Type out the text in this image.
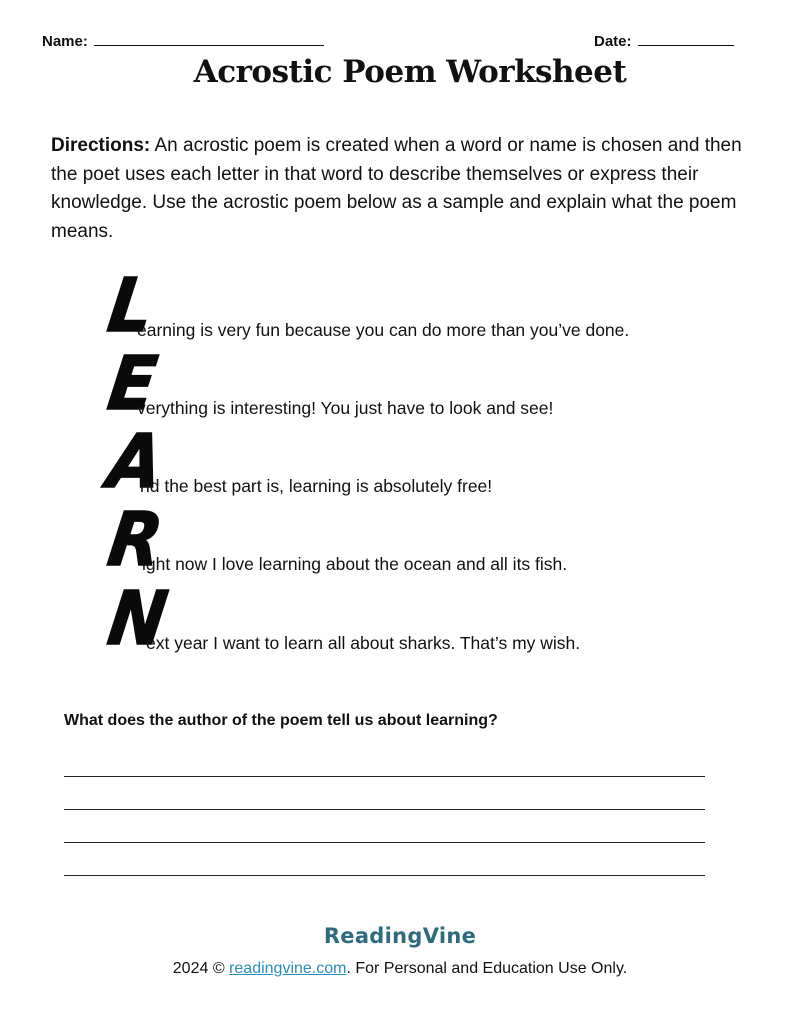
Name:	Date:
Acrostic Poem Worksheet
Directions: An acrostic poem is created when a word or name is chosen and then the poet uses each letter in that word to describe themselves or express their knowledge. Use the acrostic poem below as a sample and explain what the poem means.
L
earning is very fun because you can do more than you’ve done.
E
verything is interesting! You just have to look and see!
A
nd the best part is, learning is absolutely free!
R
ight now I love learning about the ocean and all its fish.
N
ext year I want to learn all about sharks. That’s my wish.
What does the author of the poem tell us about learning?
ReadingVine
2024 © readingvine.com. For Personal and Education Use Only.
